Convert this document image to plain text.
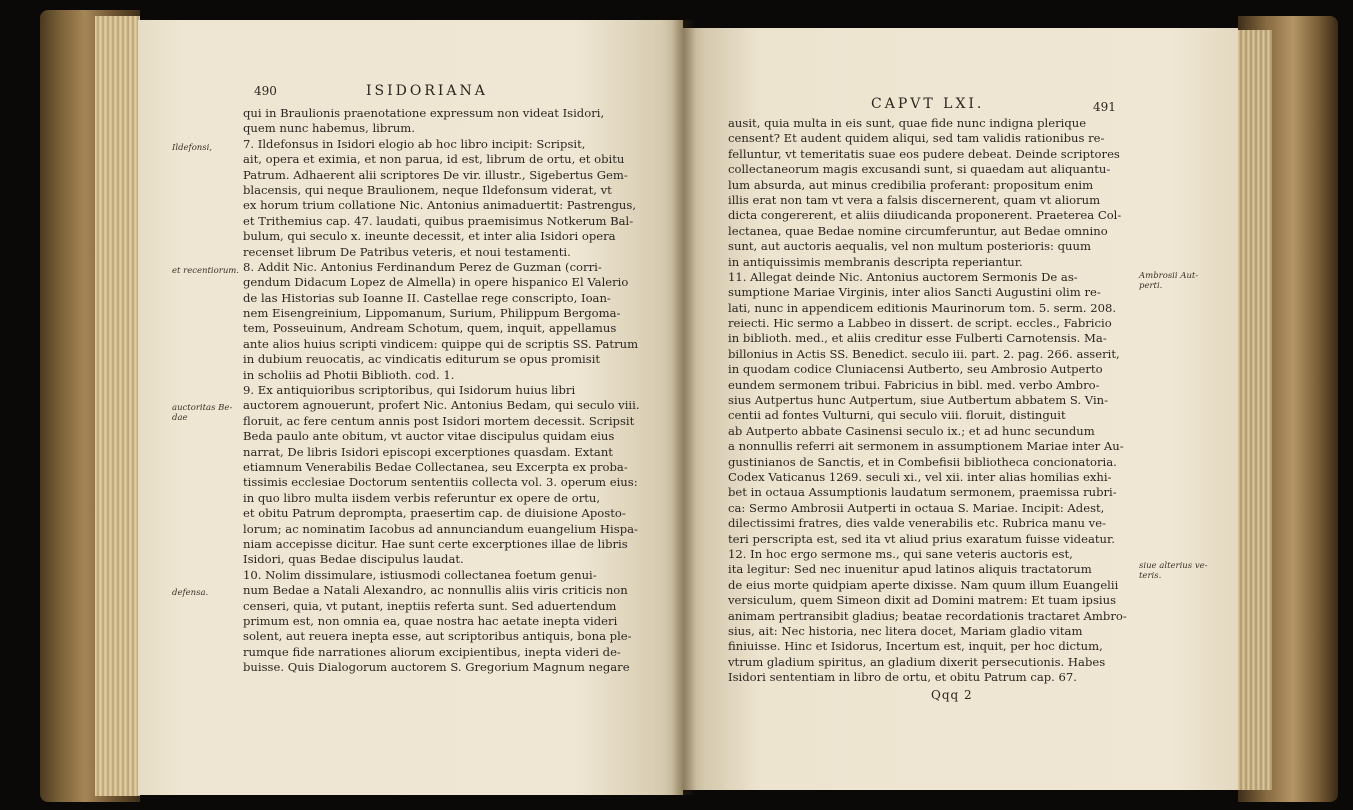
490	ISIDORIANA
Ildefonsi,
et recentiorum.
auctoritas Be-
dae
defensa.
qui in Braulionis praenotatione expressum non videat Isidori,
quem nunc habemus, librum.
7. Ildefonsus in Isidori elogio ab hoc libro incipit: Scripsit,
ait, opera et eximia, et non parua, id est, librum de ortu, et obitu
Patrum. Adhaerent alii scriptores De vir. illustr., Sigebertus Gem-
blacensis, qui neque Braulionem, neque Ildefonsum viderat, vt
ex horum trium collatione Nic. Antonius animaduertit: Pastrengus,
et Trithemius cap. 47. laudati, quibus praemisimus Notkerum Bal-
bulum, qui seculo x. ineunte decessit, et inter alia Isidori opera
recenset librum De Patribus veteris, et noui testamenti.
8. Addit Nic. Antonius Ferdinandum Perez de Guzman (corri-
gendum Didacum Lopez de Almella) in opere hispanico El Valerio
de las Historias sub Ioanne II. Castellae rege conscripto, Ioan-
nem Eisengreinium, Lippomanum, Surium, Philippum Bergoma-
tem, Posseuinum, Andream Schotum, quem, inquit, appellamus
ante alios huius scripti vindicem: quippe qui de scriptis SS. Patrum
in dubium reuocatis, ac vindicatis editurum se opus promisit
in scholiis ad Photii Biblioth. cod. 1.
9. Ex antiquioribus scriptoribus, qui Isidorum huius libri
auctorem agnouerunt, profert Nic. Antonius Bedam, qui seculo viii.
floruit, ac fere centum annis post Isidori mortem decessit. Scripsit
Beda paulo ante obitum, vt auctor vitae discipulus quidam eius
narrat, De libris Isidori episcopi excerptiones quasdam. Extant
etiamnum Venerabilis Bedae Collectanea, seu Excerpta ex proba-
tissimis ecclesiae Doctorum sententiis collecta vol. 3. operum eius:
in quo libro multa iisdem verbis referuntur ex opere de ortu,
et obitu Patrum deprompta, praesertim cap. de diuisione Aposto-
lorum; ac nominatim Iacobus ad annunciandum euangelium Hispa-
niam accepisse dicitur. Hae sunt certe excerptiones illae de libris
Isidori, quas Bedae discipulus laudat.
10. Nolim dissimulare, istiusmodi collectanea foetum genui-
num Bedae a Natali Alexandro, ac nonnullis aliis viris criticis non
censeri, quia, vt putant, ineptiis referta sunt. Sed aduertendum
primum est, non omnia ea, quae nostra hac aetate inepta videri
solent, aut reuera inepta esse, aut scriptoribus antiquis, bona ple-
rumque fide narrationes aliorum excipientibus, inepta videri de-
buisse. Quis Dialogorum auctorem S. Gregorium Magnum negare
CAPVT LXI.	491
Ambrosii Aut-
perti.
siue alterius ve-
teris.
ausit, quia multa in eis sunt, quae fide nunc indigna plerique
censent? Et audent quidem aliqui, sed tam validis rationibus re-
felluntur, vt temeritatis suae eos pudere debeat. Deinde scriptores
collectaneorum magis excusandi sunt, si quaedam aut aliquantu-
lum absurda, aut minus credibilia proferant: propositum enim
illis erat non tam vt vera a falsis discernerent, quam vt aliorum
dicta congererent, et aliis diiudicanda proponerent. Praeterea Col-
lectanea, quae Bedae nomine circumferuntur, aut Bedae omnino
sunt, aut auctoris aequalis, vel non multum posterioris: quum
in antiquissimis membranis descripta reperiantur.
11. Allegat deinde Nic. Antonius auctorem Sermonis De as-
sumptione Mariae Virginis, inter alios Sancti Augustini olim re-
lati, nunc in appendicem editionis Maurinorum tom. 5. serm. 208.
reiecti. Hic sermo a Labbeo in dissert. de script. eccles., Fabricio
in biblioth. med., et aliis creditur esse Fulberti Carnotensis. Ma-
billonius in Actis SS. Benedict. seculo iii. part. 2. pag. 266. asserit,
in quodam codice Cluniacensi Autberto, seu Ambrosio Autperto
eundem sermonem tribui. Fabricius in bibl. med. verbo Ambro-
sius Autpertus hunc Autpertum, siue Autbertum abbatem S. Vin-
centii ad fontes Vulturni, qui seculo viii. floruit, distinguit
ab Autperto abbate Casinensi seculo ix.; et ad hunc secundum
a nonnullis referri ait sermonem in assumptionem Mariae inter Au-
gustinianos de Sanctis, et in Combefisii bibliotheca concionatoria.
Codex Vaticanus 1269. seculi xi., vel xii. inter alias homilias exhi-
bet in octaua Assumptionis laudatum sermonem, praemissa rubri-
ca: Sermo Ambrosii Autperti in octaua S. Mariae. Incipit: Adest,
dilectissimi fratres, dies valde venerabilis etc. Rubrica manu ve-
teri perscripta est, sed ita vt aliud prius exaratum fuisse videatur.
12. In hoc ergo sermone ms., qui sane veteris auctoris est,
ita legitur: Sed nec inuenitur apud latinos aliquis tractatorum
de eius morte quidpiam aperte dixisse. Nam quum illum Euangelii
versiculum, quem Simeon dixit ad Domini matrem: Et tuam ipsius
animam pertransibit gladius; beatae recordationis tractaret Ambro-
sius, ait: Nec historia, nec litera docet, Mariam gladio vitam
finiuisse. Hinc et Isidorus, Incertum est, inquit, per hoc dictum,
vtrum gladium spiritus, an gladium dixerit persecutionis. Habes
Isidori sententiam in libro de ortu, et obitu Patrum cap. 67.
Qqq 2
